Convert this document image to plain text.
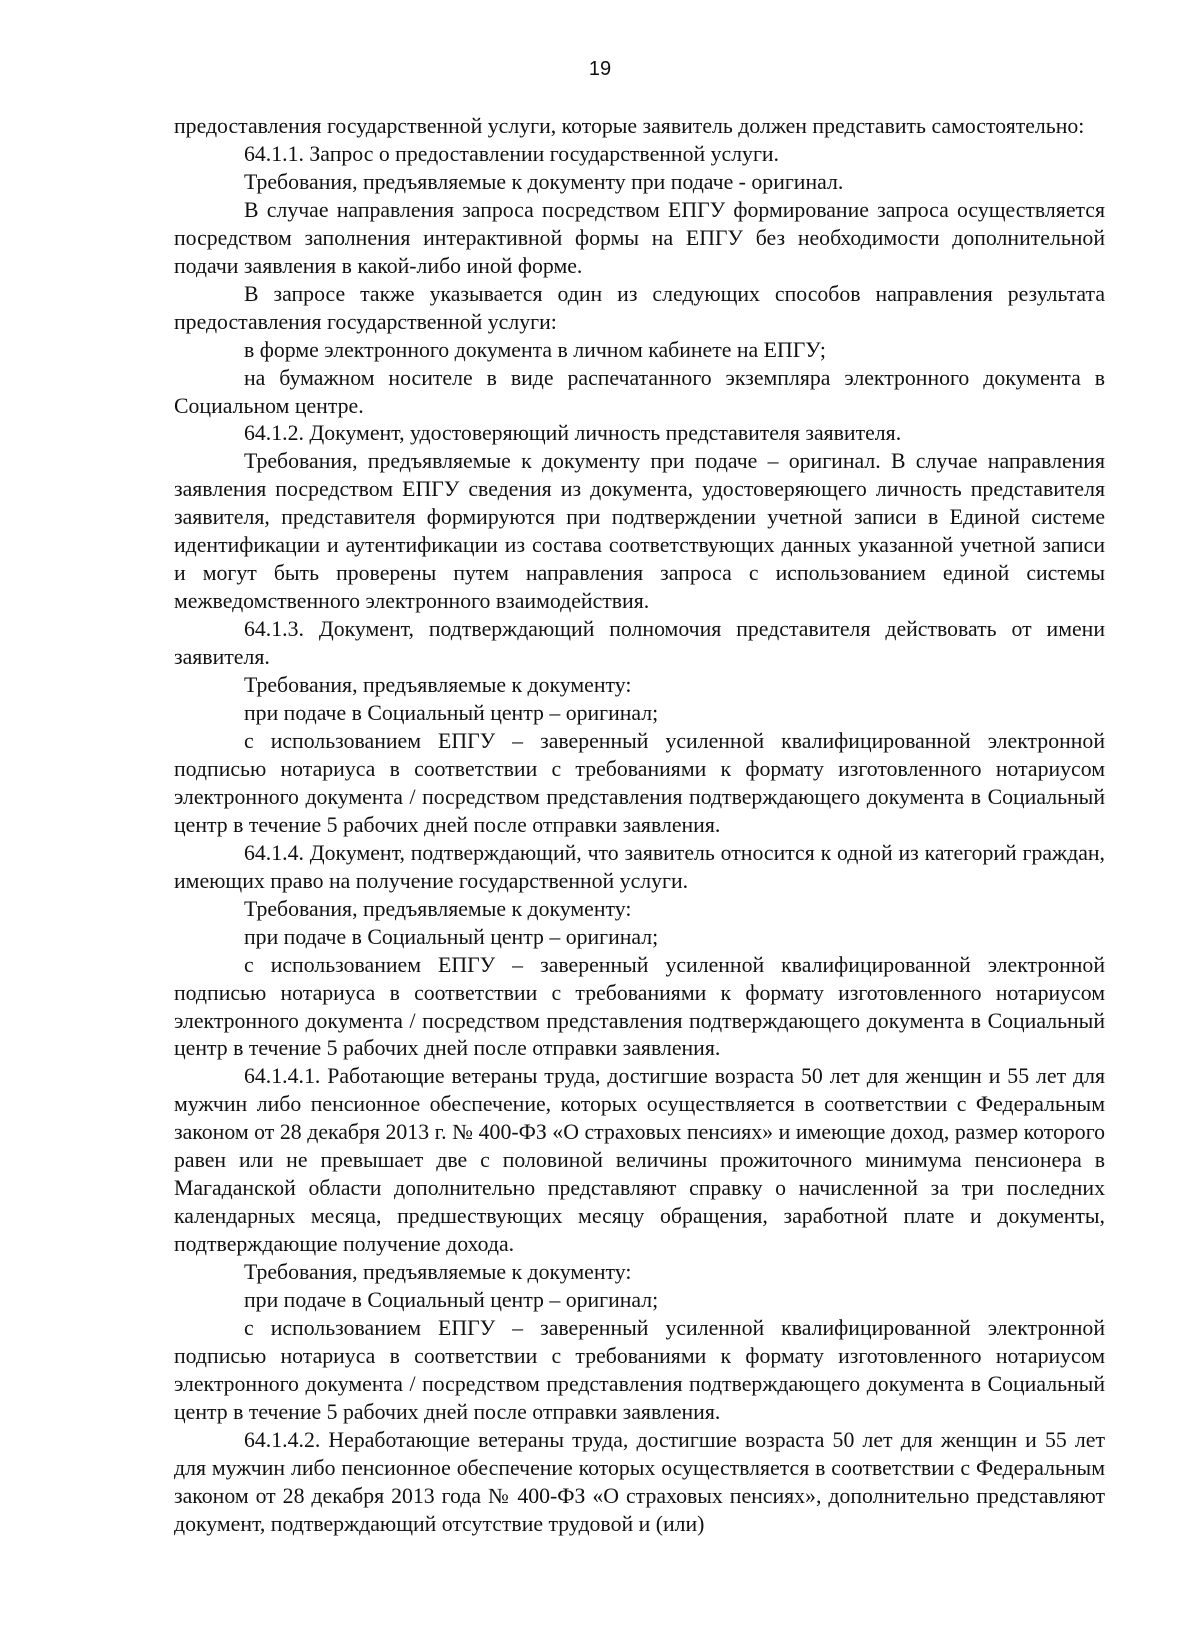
19

предоставления государственной услуги, которые заявитель должен представить самостоятельно:

64.1.1. Запрос о предоставлении государственной услуги.

Требования, предъявляемые к документу при подаче - оригинал.

В случае направления запроса посредством ЕПГУ формирование запроса осуществляется посредством заполнения интерактивной формы на ЕПГУ без необходимости дополнительной подачи заявления в какой-либо иной форме.

В запросе также указывается один из следующих способов направления результата предоставления государственной услуги:

в форме электронного документа в личном кабинете на ЕПГУ;

на бумажном носителе в виде распечатанного экземпляра электронного документа в Социальном центре.

64.1.2. Документ, удостоверяющий личность представителя заявителя.

Требования, предъявляемые к документу при подаче – оригинал. В случае направления заявления посредством ЕПГУ сведения из документа, удостоверяющего личность представителя заявителя, представителя формируются при подтверждении учетной записи в Единой системе идентификации и аутентификации из состава соответствующих данных указанной учетной записи и могут быть проверены путем направления запроса с использованием единой системы межведомственного электронного взаимодействия.

64.1.3. Документ, подтверждающий полномочия представителя действовать от имени заявителя.

Требования, предъявляемые к документу:

при подаче в Социальный центр – оригинал;

с использованием ЕПГУ – заверенный усиленной квалифицированной электронной подписью нотариуса в соответствии с требованиями к формату изготовленного нотариусом электронного документа / посредством представления подтверждающего документа в Социальный центр в течение 5 рабочих дней после отправки заявления.

64.1.4. Документ, подтверждающий, что заявитель относится к одной из категорий граждан, имеющих право на получение государственной услуги.

Требования, предъявляемые к документу:

при подаче в Социальный центр – оригинал;

с использованием ЕПГУ – заверенный усиленной квалифицированной электронной подписью нотариуса в соответствии с требованиями к формату изготовленного нотариусом электронного документа / посредством представления подтверждающего документа в Социальный центр в течение 5 рабочих дней после отправки заявления.

64.1.4.1. Работающие ветераны труда, достигшие возраста 50 лет для женщин и 55 лет для мужчин либо пенсионное обеспечение, которых осуществляется в соответствии с Федеральным законом от 28 декабря 2013 г. № 400-ФЗ «О страховых пенсиях» и имеющие доход, размер которого равен или не превышает две с половиной величины прожиточного минимума пенсионера в Магаданской области дополнительно представляют справку о начисленной за три последних календарных месяца, предшествующих месяцу обращения, заработной плате и документы, подтверждающие получение дохода.

Требования, предъявляемые к документу:

при подаче в Социальный центр – оригинал;

с использованием ЕПГУ – заверенный усиленной квалифицированной электронной подписью нотариуса в соответствии с требованиями к формату изготовленного нотариусом электронного документа / посредством представления подтверждающего документа в Социальный центр в течение 5 рабочих дней после отправки заявления.

64.1.4.2. Неработающие ветераны труда, достигшие возраста 50 лет для женщин и 55 лет для мужчин либо пенсионное обеспечение которых осуществляется в соответствии с Федеральным законом от 28 декабря 2013 года № 400-ФЗ «О страховых пенсиях», дополнительно представляют документ, подтверждающий отсутствие трудовой и (или)
